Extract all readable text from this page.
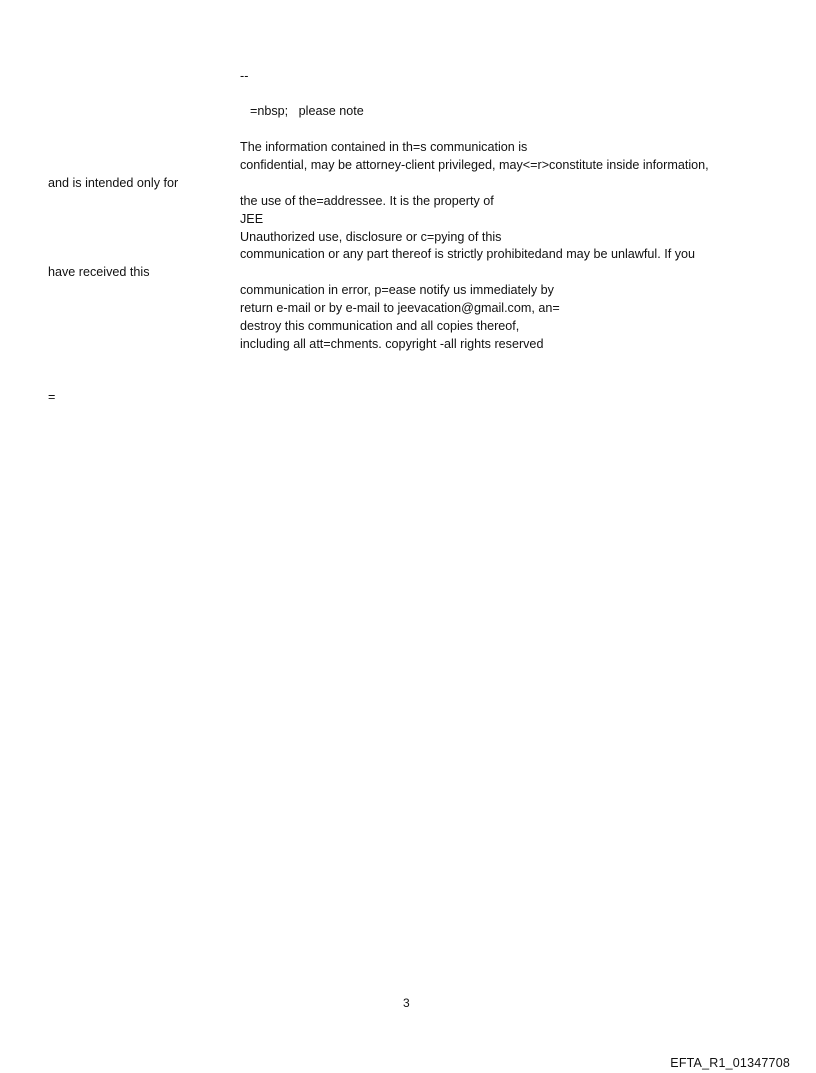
--
=nbsp;   please note
The information contained in th=s communication is
confidential, may be attorney-client privileged, may<=r>constitute inside information,
and is intended only for
the use of the=addressee. It is the property of
JEE
Unauthorized use, disclosure or c=pying of this
communication or any part thereof is strictly prohibitedand may be unlawful. If you
have received this
communication in error, p=ease notify us immediately by
return e-mail or by e-mail to jeevacation@gmail.com, an=
destroy this communication and all copies thereof,
including all att=chments. copyright -all rights reserved
=
3
EFTA_R1_01347708
